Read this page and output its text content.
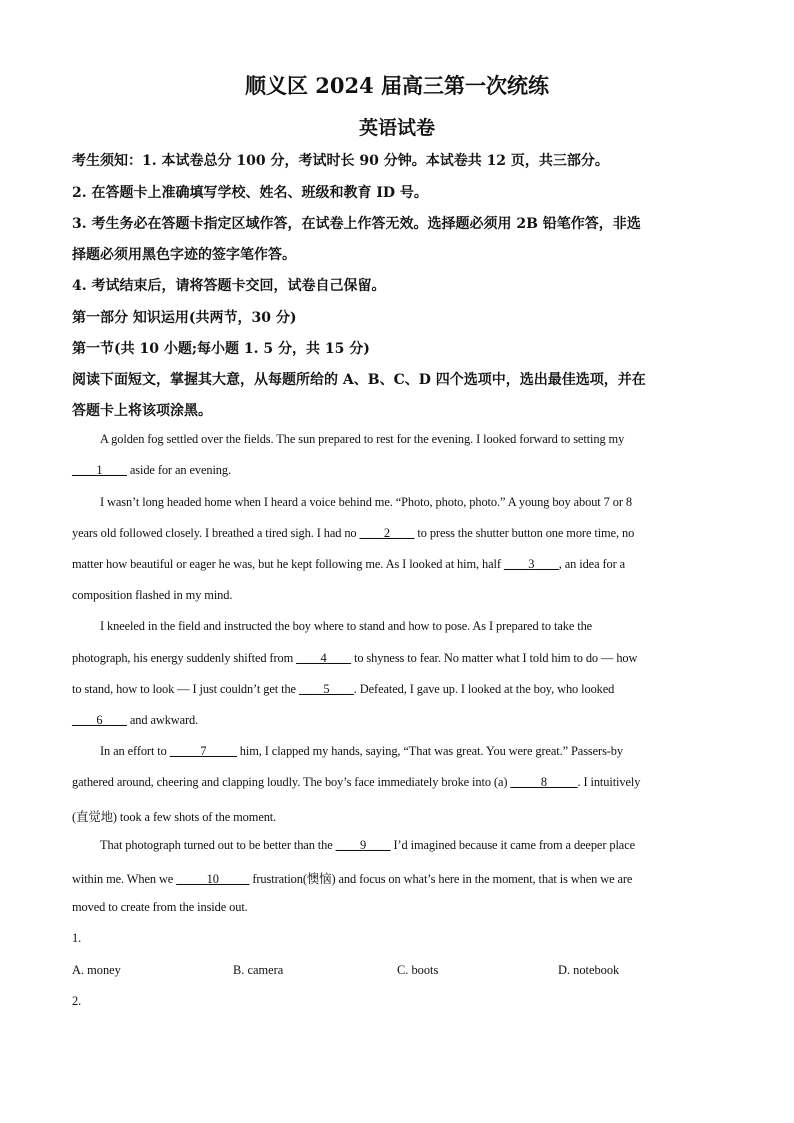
顺义区 2024 届高三第一次统练
英语试卷
考生须知：1. 本试卷总分 100 分，考试时长 90 分钟。本试卷共 12 页，共三部分。
2. 在答题卡上准确填写学校、姓名、班级和教育 ID 号。
3. 考生务必在答题卡指定区域作答，在试卷上作答无效。选择题必须用 2B 铅笔作答，非选
择题必须用黑色字迹的签字笔作答。
4. 考试结束后，请将答题卡交回，试卷自己保留。
第一部分 知识运用(共两节，30 分)
第一节(共 10 小题;每小题 1. 5 分，共 15 分)
阅读下面短文，掌握其大意，从每题所给的 A、B、C、D 四个选项中，选出最佳选项，并在
答题卡上将该项涂黑。
A golden fog settled over the fields. The sun prepared to rest for the evening. I looked forward to setting my
____1____ aside for an evening.
I wasn’t long headed home when I heard a voice behind me. “Photo, photo, photo.” A young boy about 7 or 8
years old followed closely. I breathed a tired sigh. I had no ____2____ to press the shutter button one more time, no
matter how beautiful or eager he was, but he kept following me. As I looked at him, half ____3____, an idea for a
composition flashed in my mind.
I kneeled in the field and instructed the boy where to stand and how to pose. As I prepared to take the
photograph, his energy suddenly shifted from ____4____ to shyness to fear. No matter what I told him to do — how
to stand, how to look — I just couldn’t get the ____5____. Defeated, I gave up. I looked at the boy, who looked
____6____ and awkward.
In an effort to _____7_____ him, I clapped my hands, saying, “That was great. You were great.” Passers-by
gathered around, cheering and clapping loudly. The boy’s face immediately broke into (a) _____8_____. I intuitively
(直觉地) took a few shots of the moment.
That photograph turned out to be better than the ____9____ I’d imagined because it came from a deeper place
within me. When we _____10_____ frustration(懊恼) and focus on what’s here in the moment, that is when we are
moved to create from the inside out.
1.
A. money	B. camera	C. boots	D. notebook
2.
